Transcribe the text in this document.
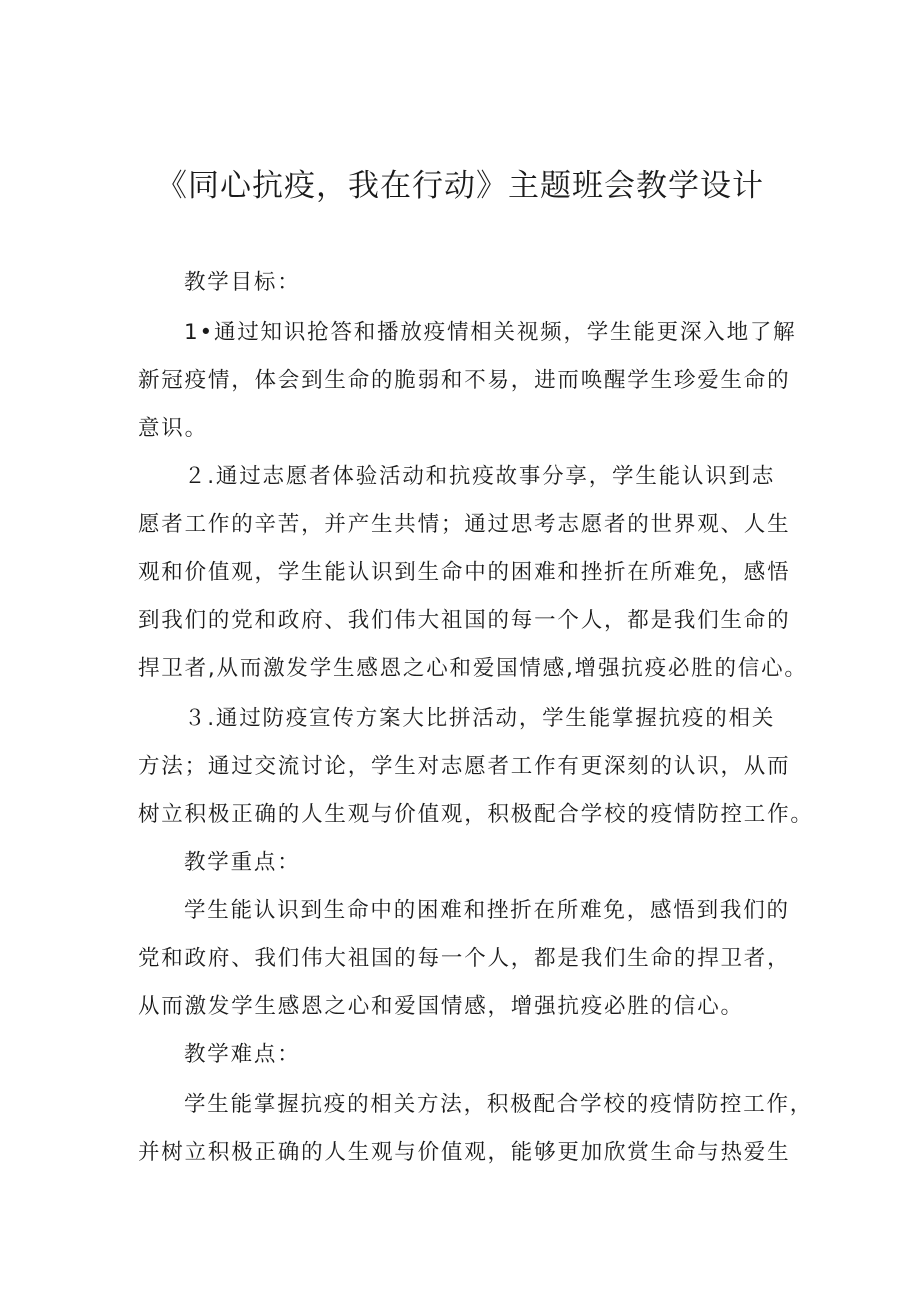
《同心抗疫，我在行动》主题班会教学设计
教学目标：
1•通过知识抢答和播放疫情相关视频，学生能更深入地了解
新冠疫情，体会到生命的脆弱和不易，进而唤醒学生珍爱生命的
意识。
２.通过志愿者体验活动和抗疫故事分享，学生能认识到志
愿者工作的辛苦，并产生共情；通过思考志愿者的世界观、人生
观和价值观，学生能认识到生命中的困难和挫折在所难免，感悟
到我们的党和政府、我们伟大祖国的每一个人，都是我们生命的
捍卫者,从而激发学生感恩之心和爱国情感,增强抗疫必胜的信心。
３.通过防疫宣传方案大比拼活动，学生能掌握抗疫的相关
方法；通过交流讨论，学生对志愿者工作有更深刻的认识，从而
树立积极正确的人生观与价值观，积极配合学校的疫情防控工作。
教学重点：
学生能认识到生命中的困难和挫折在所难免，感悟到我们的
党和政府、我们伟大祖国的每一个人，都是我们生命的捍卫者，
从而激发学生感恩之心和爱国情感，增强抗疫必胜的信心。
教学难点：
学生能掌握抗疫的相关方法，积极配合学校的疫情防控工作，
并树立积极正确的人生观与价值观，能够更加欣赏生命与热爱生
